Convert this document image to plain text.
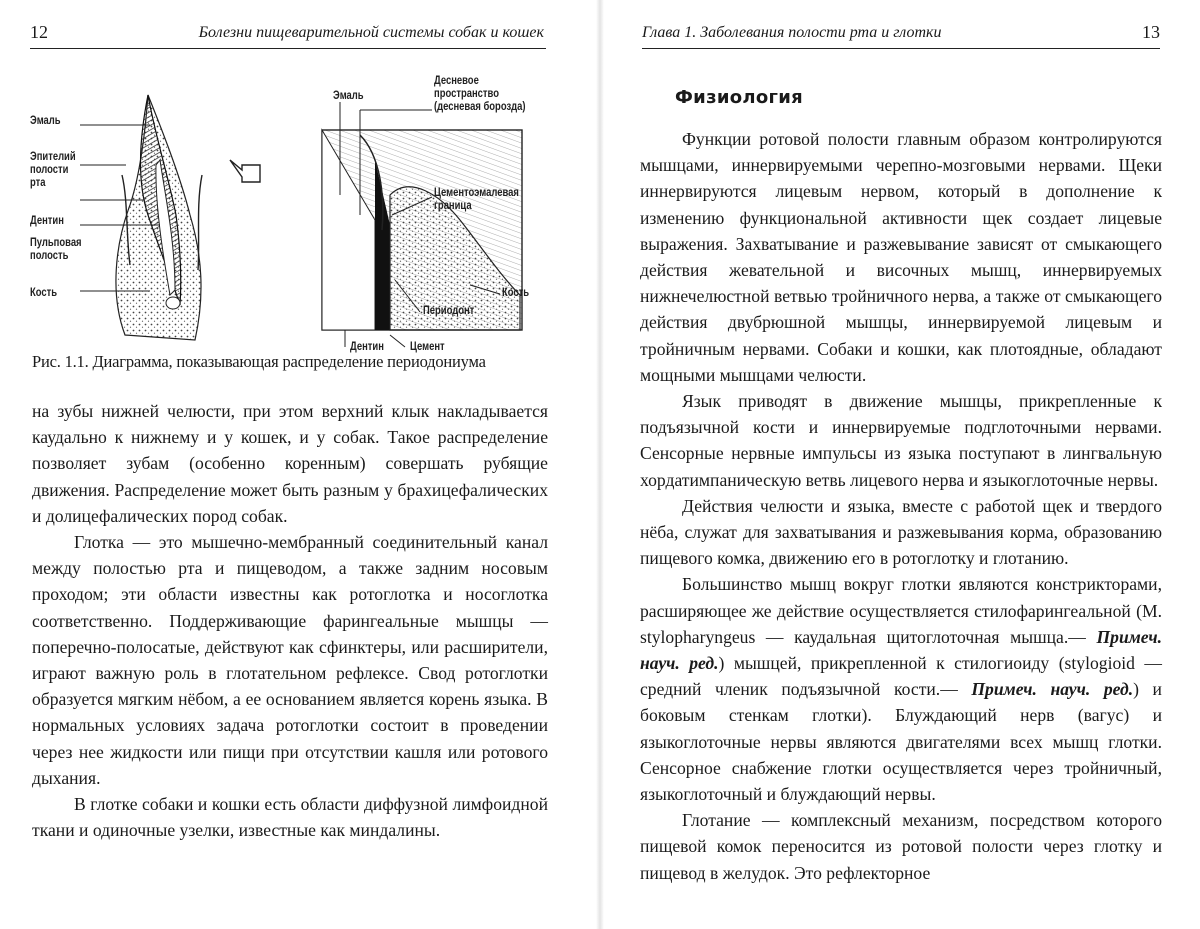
12	Болезни пищеварительной системы собак и кошек
Эмаль
Эпителий полости рта
Дентин
Пульповая полость
Кость
Эмаль
Десневое пространство (десневая борозда)
Цементоэмалевая граница
Кость
Периодонт
Дентин Цемент
Рис. 1.1. Диаграмма, показывающая распределение периодониума

на зубы нижней челюсти, при этом верхний клык накладывается каудально к нижнему и у кошек, и у собак. Такое распределение позволяет зубам (особенно коренным) совершать рубящие движения. Распределение может быть разным у брахицефалических и долицефалических пород собак.

Глотка — это мышечно-мембранный соединительный канал между полостью рта и пищеводом, а также задним носовым проходом; эти области известны как ротоглотка и носоглотка соответственно. Поддерживающие фарингеальные мышцы — поперечно-полосатые, действуют как сфинктеры, или расширители, играют важную роль в глотательном рефлексе. Свод ротоглотки образуется мягким нёбом, а ее основанием является корень языка. В нормальных условиях задача ротоглотки состоит в проведении через нее жидкости или пищи при отсутствии кашля или ротового дыхания.

В глотке собаки и кошки есть области диффузной лимфоидной ткани и одиночные узелки, известные как миндалины.

Глава 1. Заболевания полости рта и глотки	13
Физиология

Функции ротовой полости главным образом контролируются мышцами, иннервируемыми черепно-мозговыми нервами. Щеки иннервируются лицевым нервом, который в дополнение к изменению функциональной активности щек создает лицевые выражения. Захватывание и разжевывание зависят от смыкающего действия жевательной и височных мышц, иннервируемых нижнечелюстной ветвью тройничного нерва, а также от смыкающего действия двубрюшной мышцы, иннервируемой лицевым и тройничным нервами. Собаки и кошки, как плотоядные, обладают мощными мышцами челюсти.

Язык приводят в движение мышцы, прикрепленные к подъязычной кости и иннервируемые подглоточными нервами. Сенсорные нервные импульсы из языка поступают в лингвальную хордатимпаническую ветвь лицевого нерва и языкоглоточные нервы.

Действия челюсти и языка, вместе с работой щек и твердого нёба, служат для захватывания и разжевывания корма, образованию пищевого комка, движению его в ротоглотку и глотанию.

Большинство мышц вокруг глотки являются констрикторами, расширяющее же действие осуществляется стилофарингеальной (M. stylopharyngeus — каудальная щитоглоточная мышца.— Примеч. науч. ред.) мышцей, прикрепленной к стилогиоиду (stylogioid — средний членик подъязычной кости.— Примеч. науч. ред.) и боковым стенкам глотки). Блуждающий нерв (вагус) и языкоглоточные нервы являются двигателями всех мышц глотки. Сенсорное снабжение глотки осуществляется через тройничный, языкоглоточный и блуждающий нервы.

Глотание — комплексный механизм, посредством которого пищевой комок переносится из ротовой полости через глотку и пищевод в желудок. Это рефлекторное
